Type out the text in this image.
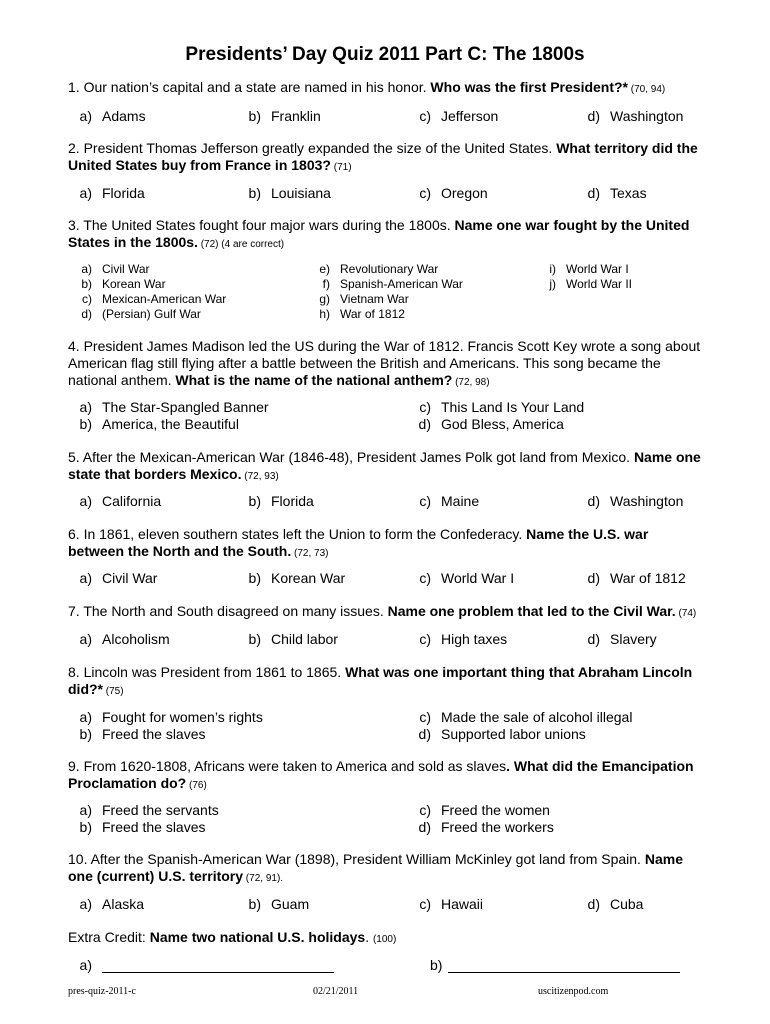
Presidents’ Day Quiz 2011 Part C: The 1800s
1. Our nation’s capital and a state are named in his honor. Who was the first President?* (70, 94)
a) Adams	b) Franklin	c) Jefferson	d) Washington
2. President Thomas Jefferson greatly expanded the size of the United States. What territory did the United States buy from France in 1803? (71)
a) Florida	b) Louisiana	c) Oregon	d) Texas
3. The United States fought four major wars during the 1800s. Name one war fought by the United States in the 1800s. (72) (4 are correct)
a) Civil War
b) Korean War
c) Mexican-American War
d) (Persian) Gulf War
e) Revolutionary War
f) Spanish-American War
g) Vietnam War
h) War of 1812
i) World War I
j) World War II
4. President James Madison led the US during the War of 1812. Francis Scott Key wrote a song about American flag still flying after a battle between the British and Americans. This song became the national anthem. What is the name of the national anthem? (72, 98)
a) The Star-Spangled Banner	c) This Land Is Your Land
b) America, the Beautiful	d) God Bless, America
5. After the Mexican-American War (1846-48), President James Polk got land from Mexico. Name one state that borders Mexico. (72, 93)
a) California	b) Florida	c) Maine	d) Washington
6. In 1861, eleven southern states left the Union to form the Confederacy. Name the U.S. war between the North and the South. (72, 73)
a) Civil War	b) Korean War	c) World War I	d) War of 1812
7. The North and South disagreed on many issues. Name one problem that led to the Civil War. (74)
a) Alcoholism	b) Child labor	c) High taxes	d) Slavery
8. Lincoln was President from 1861 to 1865. What was one important thing that Abraham Lincoln did?* (75)
a) Fought for women’s rights	c) Made the sale of alcohol illegal
b) Freed the slaves	d) Supported labor unions
9. From 1620-1808, Africans were taken to America and sold as slaves. What did the Emancipation Proclamation do? (76)
a) Freed the servants	c) Freed the women
b) Freed the slaves	d) Freed the workers
10. After the Spanish-American War (1898), President William McKinley got land from Spain. Name one (current) U.S. territory (72, 91).
a) Alaska	b) Guam	c) Hawaii	d) Cuba
Extra Credit: Name two national U.S. holidays. (100)
a)	b)
pres-quiz-2011-c	02/21/2011	uscitizenpod.com
